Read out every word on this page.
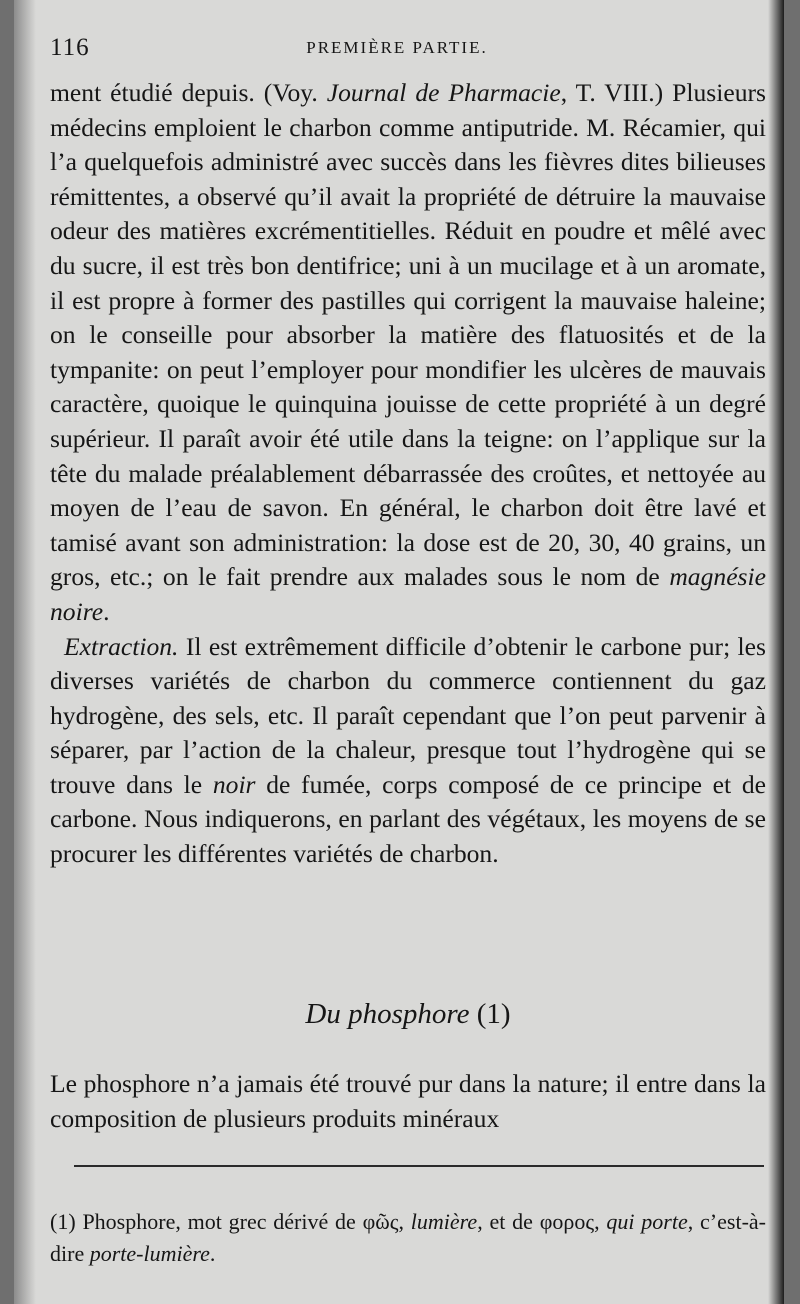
116	PREMIÈRE PARTIE.

ment étudié depuis. (Voy. Journal de Pharmacie, T. VIII.) Plusieurs médecins emploient le charbon comme antiputride. M. Récamier, qui l’a quelquefois administré avec succès dans les fièvres dites bilieuses rémittentes, a observé qu’il avait la propriété de détruire la mauvaise odeur des matières excrémentitielles. Réduit en poudre et mêlé avec du sucre, il est très bon dentifrice; uni à un mucilage et à un aromate, il est propre à former des pastilles qui corrigent la mauvaise haleine; on le conseille pour absorber la matière des flatuosités et de la tympanite: on peut l’employer pour mondifier les ulcères de mauvais caractère, quoique le quinquina jouisse de cette propriété à un degré supérieur. Il paraît avoir été utile dans la teigne: on l’applique sur la tête du malade préalablement débarrassée des croûtes, et nettoyée au moyen de l’eau de savon. En général, le charbon doit être lavé et tamisé avant son administration: la dose est de 20, 30, 40 grains, un gros, etc.; on le fait prendre aux malades sous le nom de magnésie noire.

Extraction. Il est extrêmement difficile d’obtenir le carbone pur; les diverses variétés de charbon du commerce contiennent du gaz hydrogène, des sels, etc. Il paraît cependant que l’on peut parvenir à séparer, par l’action de la chaleur, presque tout l’hydrogène qui se trouve dans le noir de fumée, corps composé de ce principe et de carbone. Nous indiquerons, en parlant des végétaux, les moyens de se procurer les différentes variétés de charbon.

Du phosphore (1)
Le phosphore n’a jamais été trouvé pur dans la nature; il entre dans la composition de plusieurs produits minéraux
(1) Phosphore, mot grec dérivé de φῶς, lumière, et de φορος, qui porte, c’est-à-dire porte-lumière.
